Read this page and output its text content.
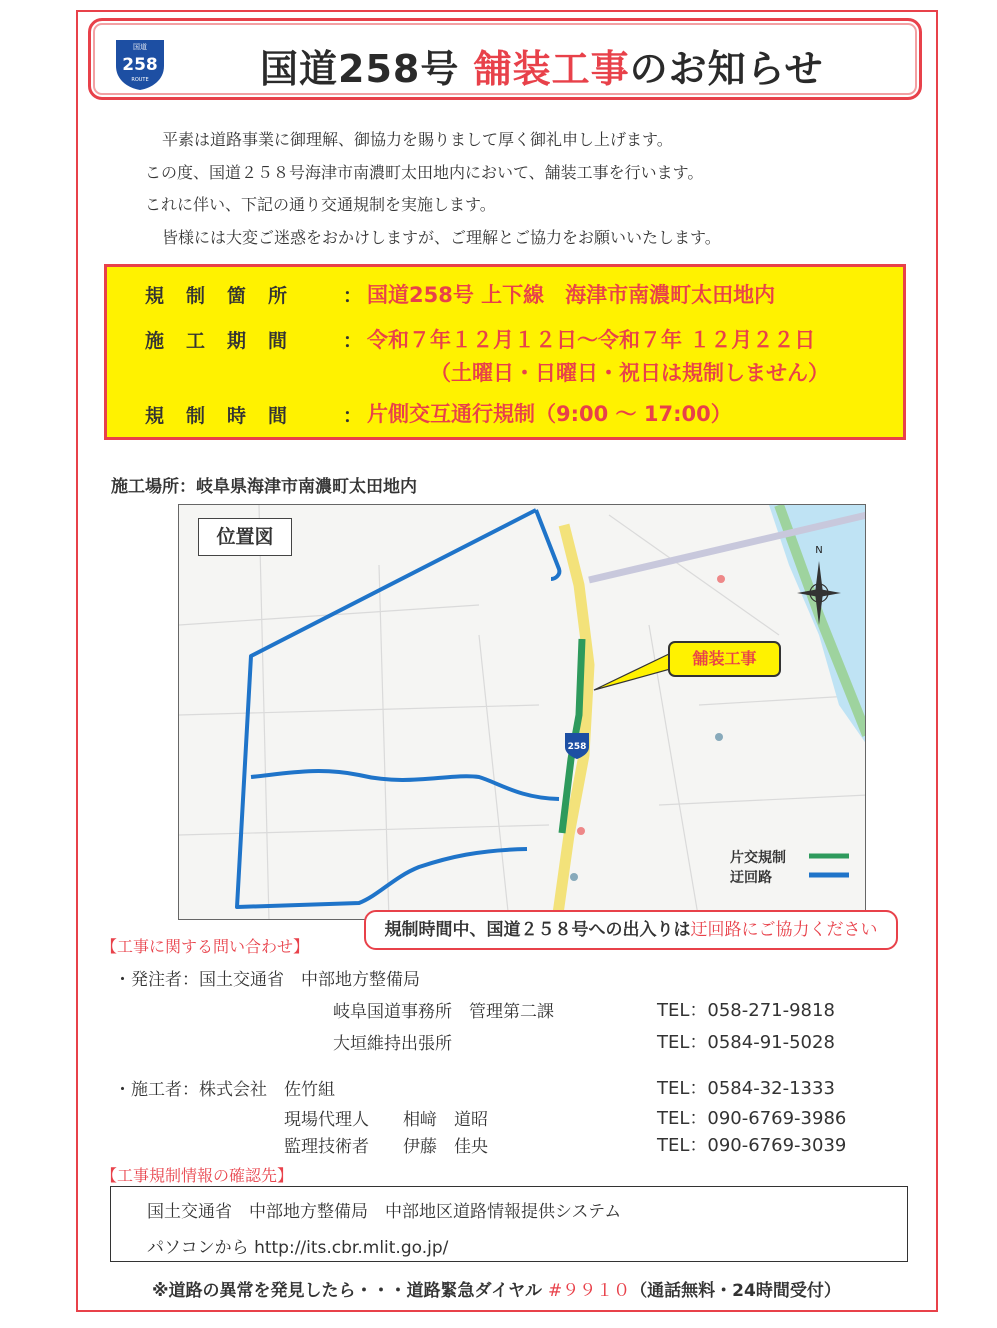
国道
258
ROUTE	国道258号 舗装工事のお知らせ
平素は道路事業に御理解、御協力を賜りまして厚く御礼申し上げます。
この度、国道２５８号海津市南濃町太田地内において、舗装工事を行います。
これに伴い、下記の通り交通規制を実施します。
皆様には大変ご迷惑をおかけしますが、ご理解とご協力をお願いいたします。
規制箇所 ： 国道258号 上下線　海津市南濃町太田地内
施工期間 ： 令和７年１２月１２日～令和７年 １２月２２日
（土曜日・日曜日・祝日は規制しません）
規制時間 ： 片側交互通行規制（9:00 ～ 17:00）
施工場所：岐阜県海津市南濃町太田地内
258
N
位置図
舗装工事
片交規制
迂回路
規制時間中、国道２５８号への出入りは迂回路にご協力ください
【工事に関する問い合わせ】
・発注者：国土交通省　中部地方整備局
岐阜国道事務所　管理第二課	TEL：058-271-9818
大垣維持出張所	TEL：0584-91-5028
・施工者：株式会社　佐竹組	TEL：0584-32-1333
現場代理人　　相﨑　道昭	TEL：090-6769-3986
監理技術者　　伊藤　佳央	TEL：090-6769-3039
【工事規制情報の確認先】
国土交通省　中部地方整備局　中部地区道路情報提供システム
パソコンから http://its.cbr.mlit.go.jp/
※道路の異常を発見したら・・・道路緊急ダイヤル #９９１０（通話無料・24時間受付）
